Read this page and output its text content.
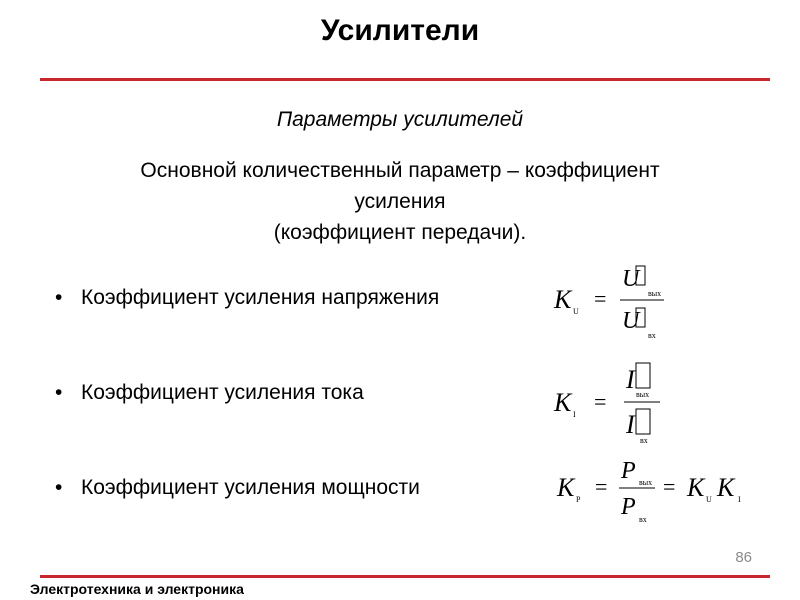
Усилители
Параметры усилителей
Основной количественный параметр – коэффициент
усиления
(коэффициент передачи).
• Коэффициент усиления напряжения
• Коэффициент усиления тока
• Коэффициент усиления мощности
K U
=
U
вых
U
вх
K I
=
I
вых
I
вх
K P
=
P вых
P вх
= K U K I
86
Электротехника и электроника
